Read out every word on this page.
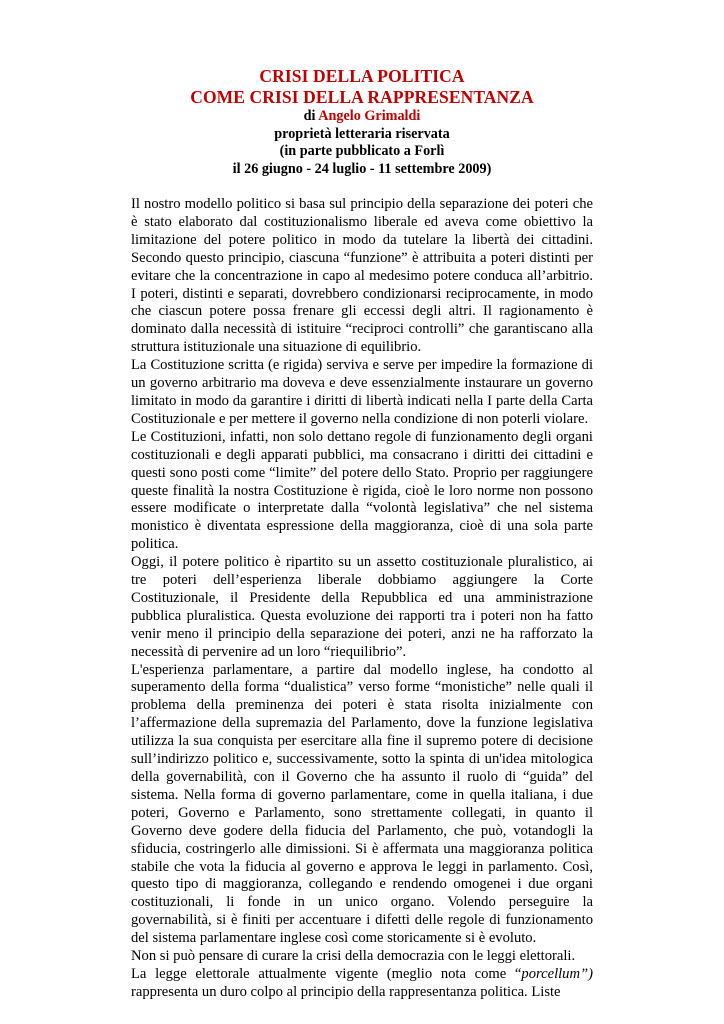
CRISI DELLA POLITICA
COME CRISI DELLA RAPPRESENTANZA
di Angelo Grimaldi
proprietà letteraria riservata
(in parte pubblicato a Forlì
il 26 giugno - 24 luglio - 11 settembre 2009)

Il nostro modello politico si basa sul principio della separazione dei poteri che è stato elaborato dal costituzionalismo liberale ed aveva come obiettivo la limitazione del potere politico in modo da tutelare la libertà dei cittadini. Secondo questo principio, ciascuna “funzione” è attribuita a poteri distinti per evitare che la concentrazione in capo al medesimo potere conduca all’arbitrio. I poteri, distinti e separati, dovrebbero condizionarsi reciprocamente, in modo che ciascun potere possa frenare gli eccessi degli altri. Il ragionamento è dominato dalla necessità di istituire “reciproci controlli” che garantiscano alla struttura istituzionale una situazione di equilibrio.

La Costituzione scritta (e rigida) serviva e serve per impedire la formazione di un governo arbitrario ma doveva e deve essenzialmente instaurare un governo limitato in modo da garantire i diritti di libertà indicati nella I parte della Carta Costituzionale e per mettere il governo nella condizione di non poterli violare.

Le Costituzioni, infatti, non solo dettano regole di funzionamento degli organi costituzionali e degli apparati pubblici, ma consacrano i diritti dei cittadini e questi sono posti come “limite” del potere dello Stato. Proprio per raggiungere queste finalità la nostra Costituzione è rigida, cioè le loro norme non possono essere modificate o interpretate dalla “volontà legislativa” che nel sistema monistico è diventata espressione della maggioranza, cioè di una sola parte politica.

Oggi, il potere politico è ripartito su un assetto costituzionale pluralistico, ai tre poteri dell’esperienza liberale dobbiamo aggiungere la Corte Costituzionale, il Presidente della Repubblica ed una amministrazione pubblica pluralistica. Questa evoluzione dei rapporti tra i poteri non ha fatto venir meno il principio della separazione dei poteri, anzi ne ha rafforzato la necessità di pervenire ad un loro “riequilibrio”.

L'esperienza parlamentare, a partire dal modello inglese, ha condotto al superamento della forma “dualistica” verso forme “monistiche” nelle quali il problema della preminenza dei poteri è stata risolta inizialmente con l’affermazione della supremazia del Parlamento, dove la funzione legislativa utilizza la sua conquista per esercitare alla fine il supremo potere di decisione sull’indirizzo politico e, successivamente, sotto la spinta di un'idea mitologica della governabilità, con il Governo che ha assunto il ruolo di “guida” del sistema. Nella forma di governo parlamentare, come in quella italiana, i due poteri, Governo e Parlamento, sono strettamente collegati, in quanto il Governo deve godere della fiducia del Parlamento, che può, votandogli la sfiducia, costringerlo alle dimissioni. Si è affermata una maggioranza politica stabile che vota la fiducia al governo e approva le leggi in parlamento. Così, questo tipo di maggioranza, collegando e rendendo omogenei i due organi costituzionali, li fonde in un unico organo. Volendo perseguire la governabilità, si è finiti per accentuare i difetti delle regole di funzionamento del sistema parlamentare inglese così come storicamente si è evoluto.

Non si può pensare di curare la crisi della democrazia con le leggi elettorali.

La legge elettorale attualmente vigente (meglio nota come “porcellum”) rappresenta un duro colpo al principio della rappresentanza politica. Liste
